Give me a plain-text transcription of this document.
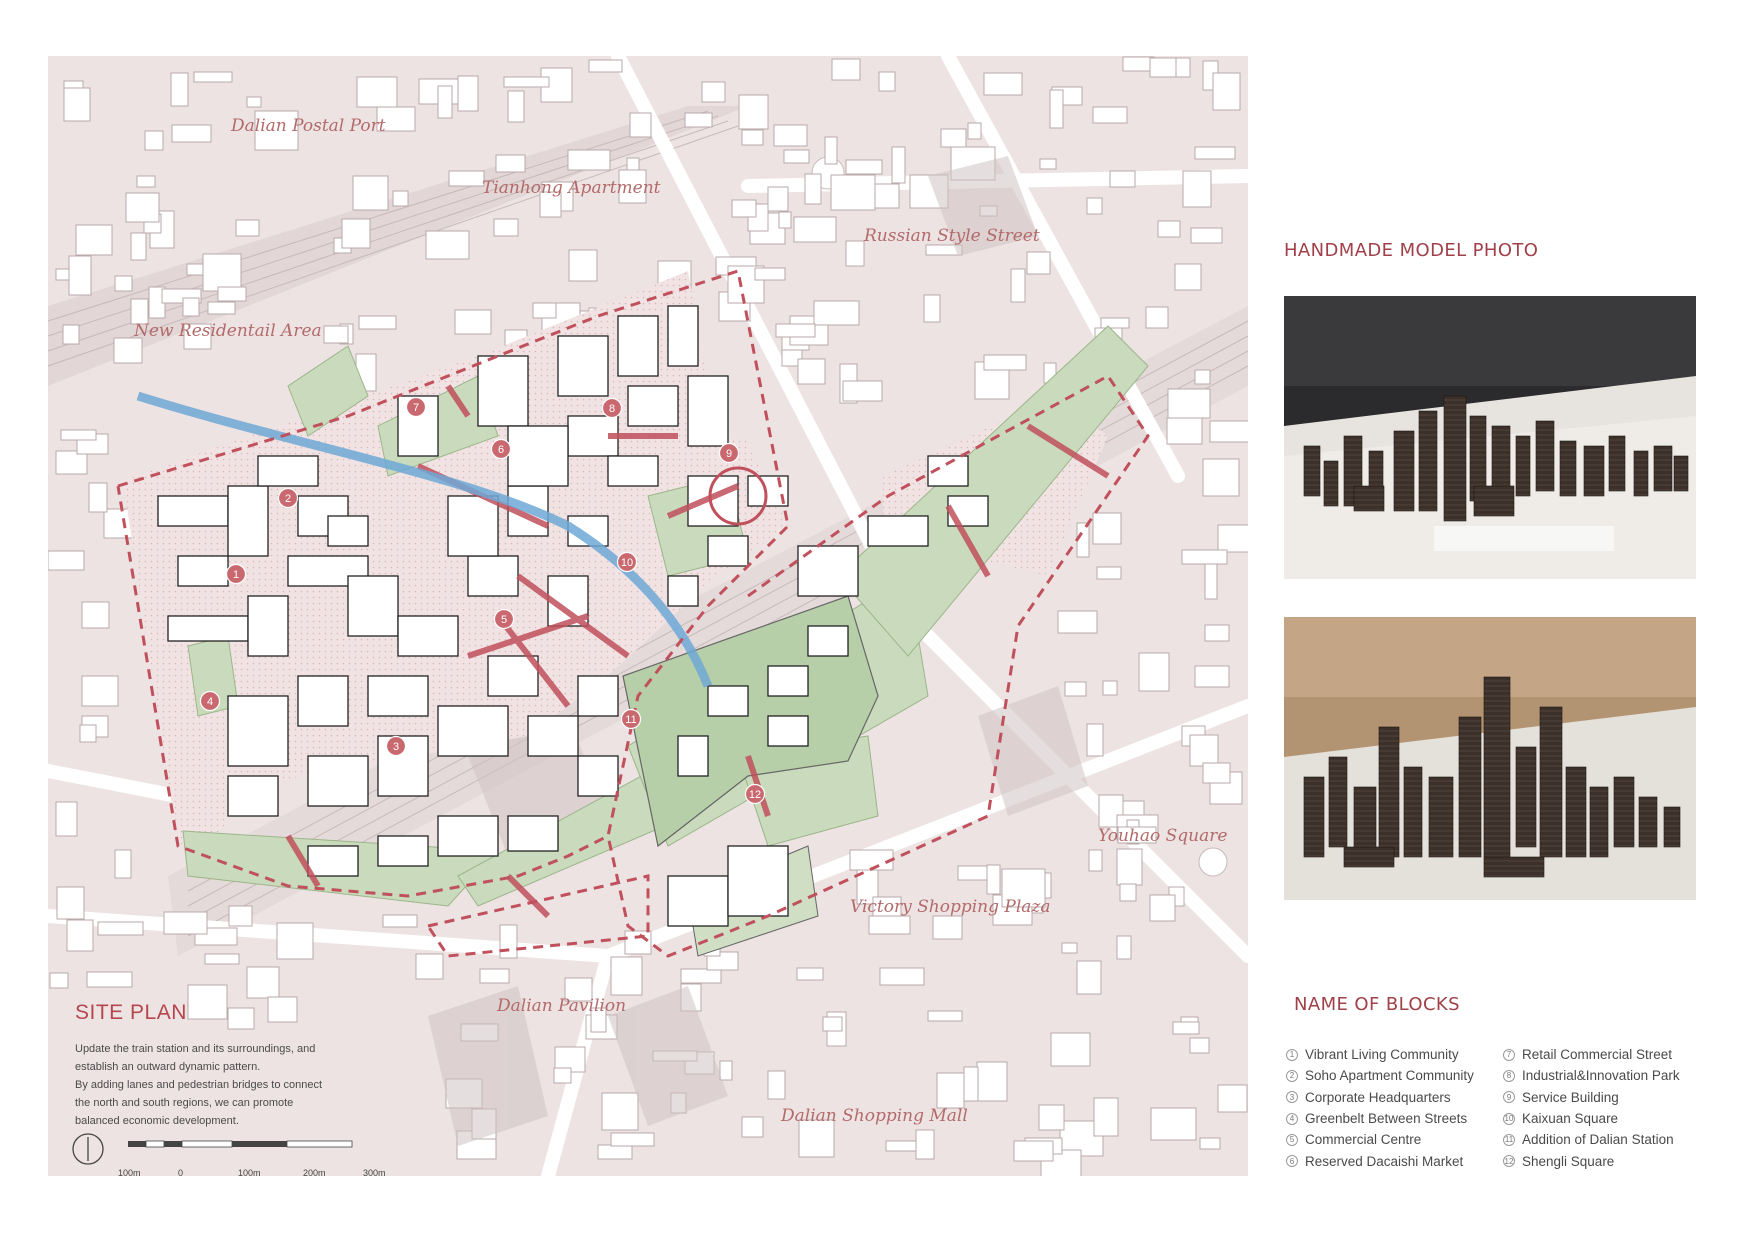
1
2
3
4
5
6
7	8
9
10
11
12
Dalian Postal Port
Tianhong Apartment
Russian Style Street
New Residentail Area
Youhao Square
Victory Shopping Plaza
Dalian Pavilion
Dalian Shopping Mall
SITE PLAN
Update the train station and its surroundings, and
establish an outward dynamic pattern.
By adding lanes and pedestrian bridges to connect
the north and south regions, we can promote
balanced economic development.
100m	0	100m	200m	300m
HANDMADE MODEL PHOTO
NAME OF BLOCKS
1 Vibrant Living Community
2 Soho Apartment Community
3 Corporate Headquarters
4 Greenbelt Between Streets
5 Commercial Centre
6 Reserved Dacaishi Market
7 Retail Commercial Street
8 Industrial&Innovation Park
9 Service Building
10 Kaixuan Square
11 Addition of Dalian Station
12 Shengli Square
